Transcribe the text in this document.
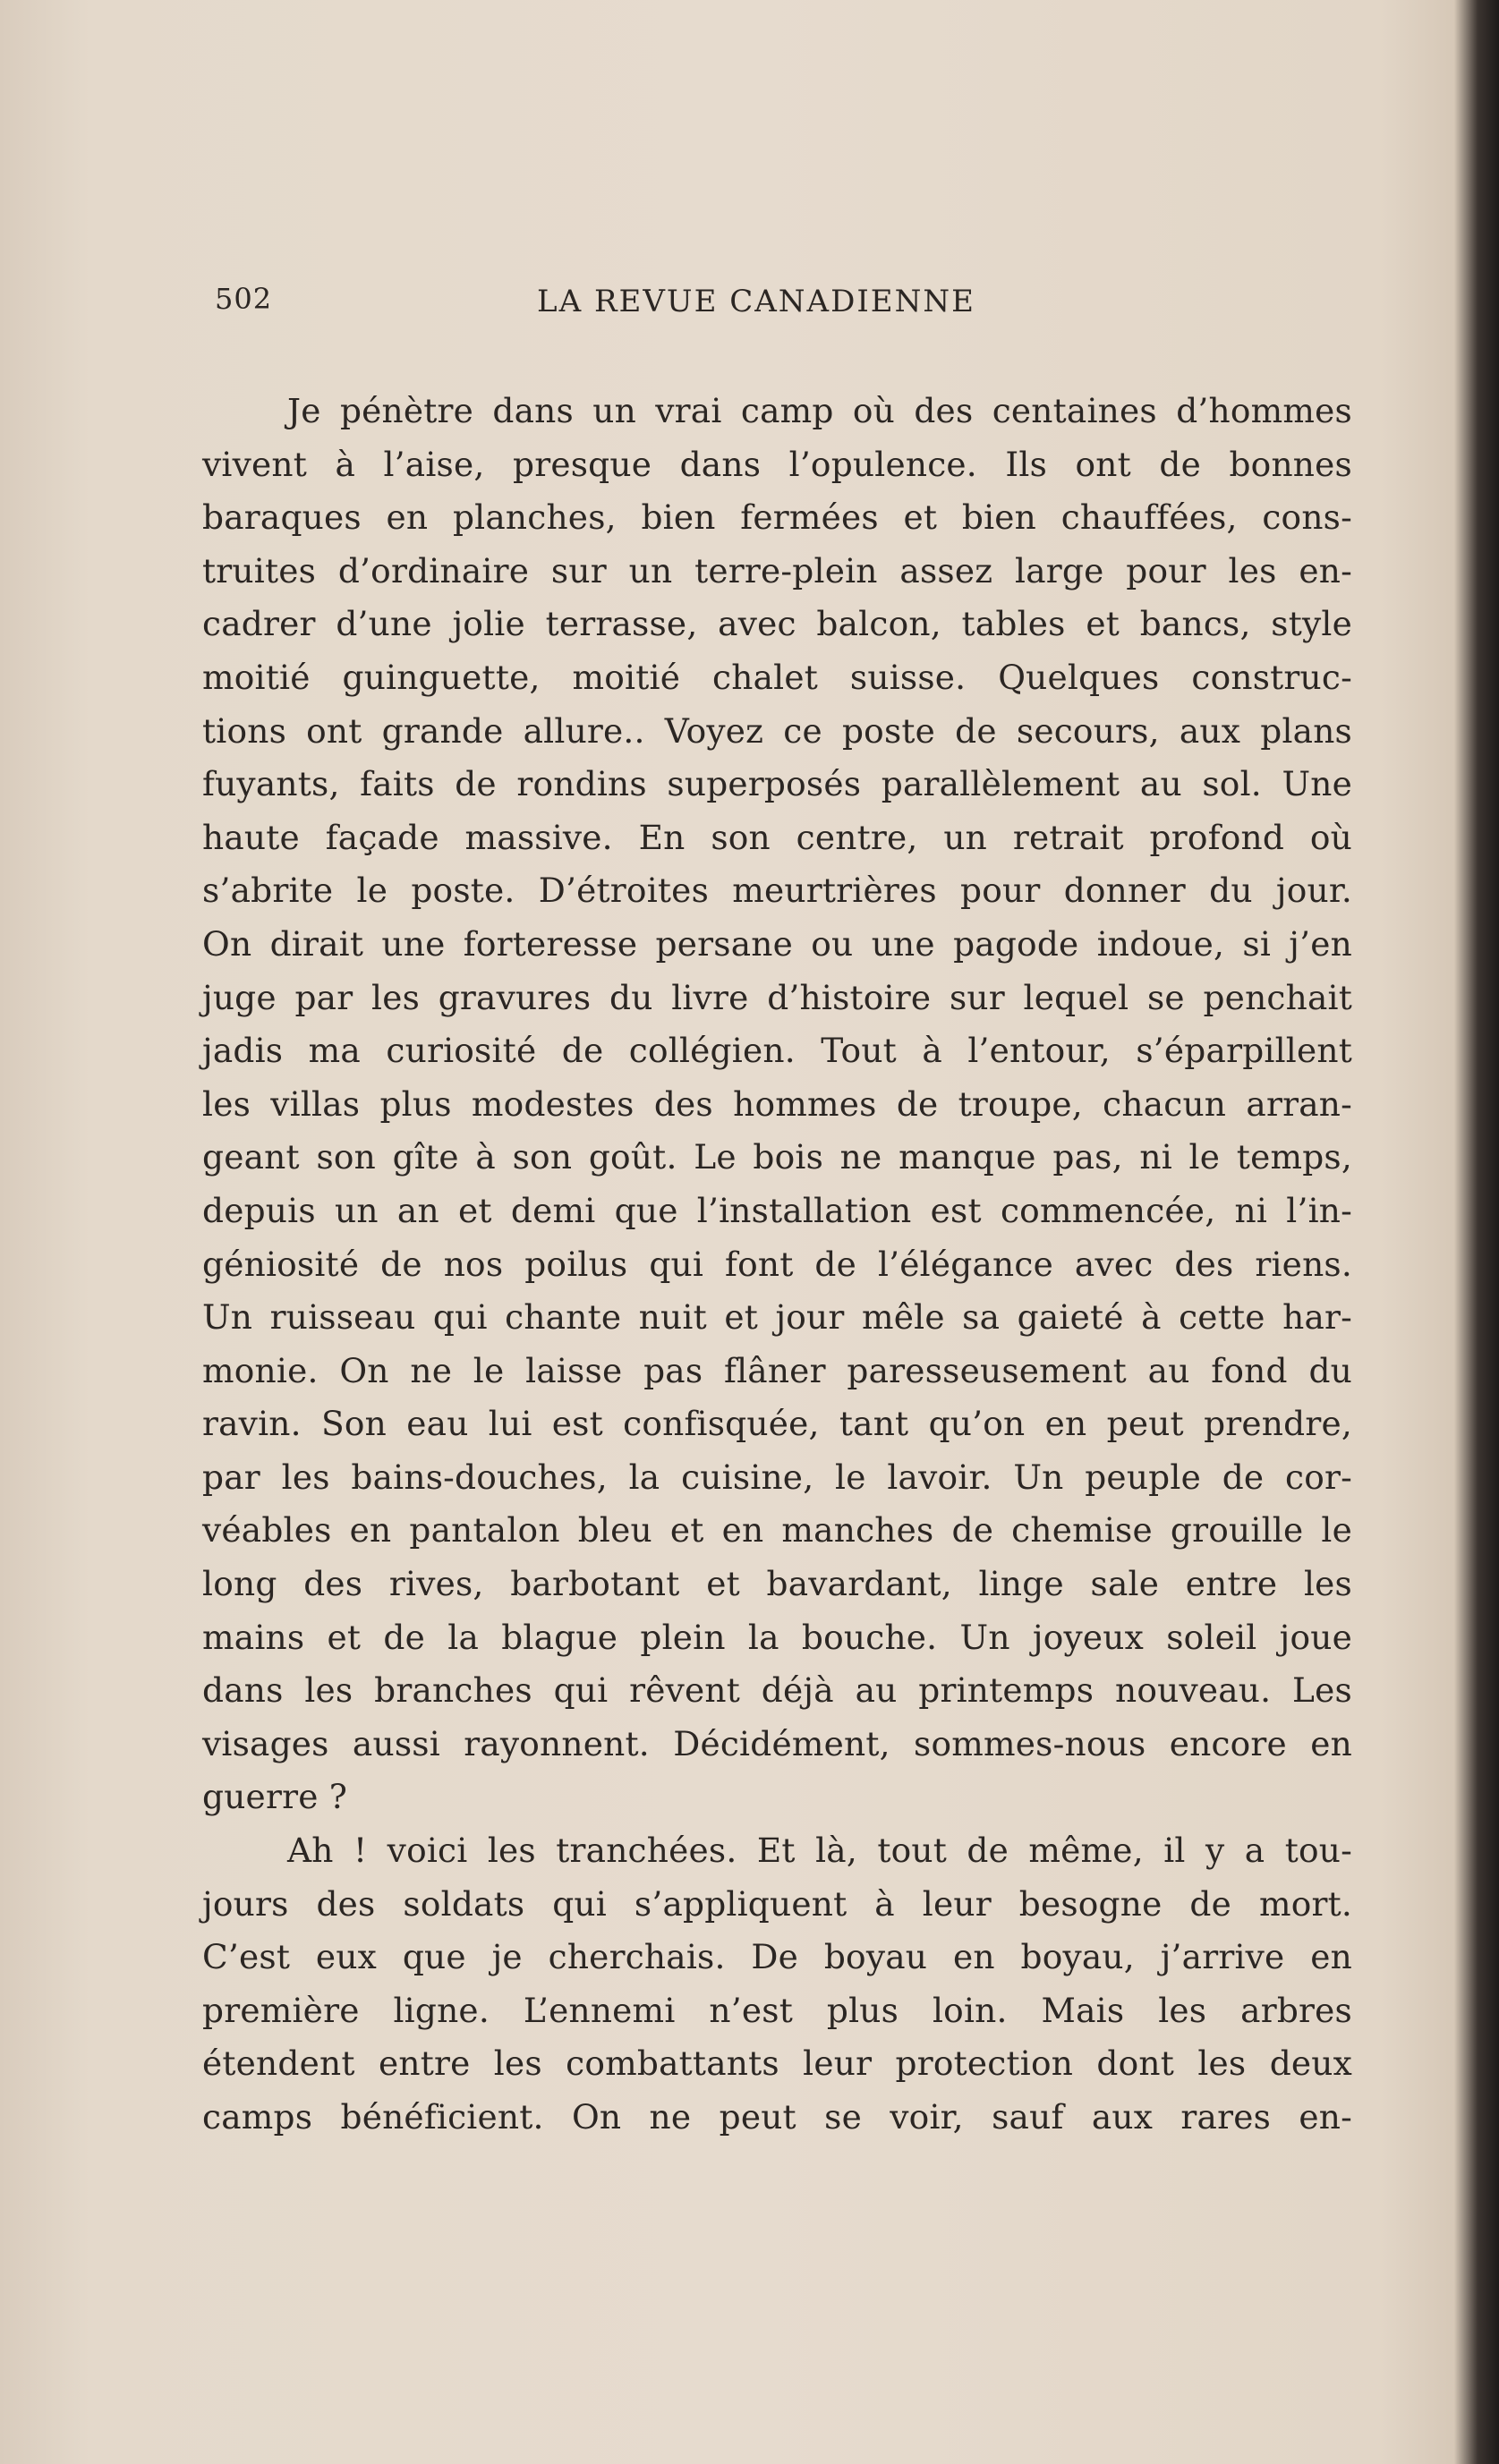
502	LA REVUE CANADIENNE
Je pénètre dans un vrai camp où des centaines d’hommes
vivent à l’aise, presque dans l’opulence. Ils ont de bonnes
baraques en planches, bien fermées et bien chauffées, cons-
truites d’ordinaire sur un terre-plein assez large pour les en-
cadrer d’une jolie terrasse, avec balcon, tables et bancs, style
moitié guinguette, moitié chalet suisse. Quelques construc-
tions ont grande allure.. Voyez ce poste de secours, aux plans
fuyants, faits de rondins superposés parallèlement au sol. Une
haute façade massive. En son centre, un retrait profond où
s’abrite le poste. D’étroites meurtrières pour donner du jour.
On dirait une forteresse persane ou une pagode indoue, si j’en
juge par les gravures du livre d’histoire sur lequel se penchait
jadis ma curiosité de collégien. Tout à l’entour, s’éparpillent
les villas plus modestes des hommes de troupe, chacun arran-
geant son gîte à son goût. Le bois ne manque pas, ni le temps,
depuis un an et demi que l’installation est commencée, ni l’in-
géniosité de nos poilus qui font de l’élégance avec des riens.
Un ruisseau qui chante nuit et jour mêle sa gaieté à cette har-
monie. On ne le laisse pas flâner paresseusement au fond du
ravin. Son eau lui est confisquée, tant qu’on en peut prendre,
par les bains-douches, la cuisine, le lavoir. Un peuple de cor-
véables en pantalon bleu et en manches de chemise grouille le
long des rives, barbotant et bavardant, linge sale entre les
mains et de la blague plein la bouche. Un joyeux soleil joue
dans les branches qui rêvent déjà au printemps nouveau. Les
visages aussi rayonnent. Décidément, sommes-nous encore en
guerre ?
Ah ! voici les tranchées. Et là, tout de même, il y a tou-
jours des soldats qui s’appliquent à leur besogne de mort.
C’est eux que je cherchais. De boyau en boyau, j’arrive en
première ligne. L’ennemi n’est plus loin. Mais les arbres
étendent entre les combattants leur protection dont les deux
camps bénéficient. On ne peut se voir, sauf aux rares en-
